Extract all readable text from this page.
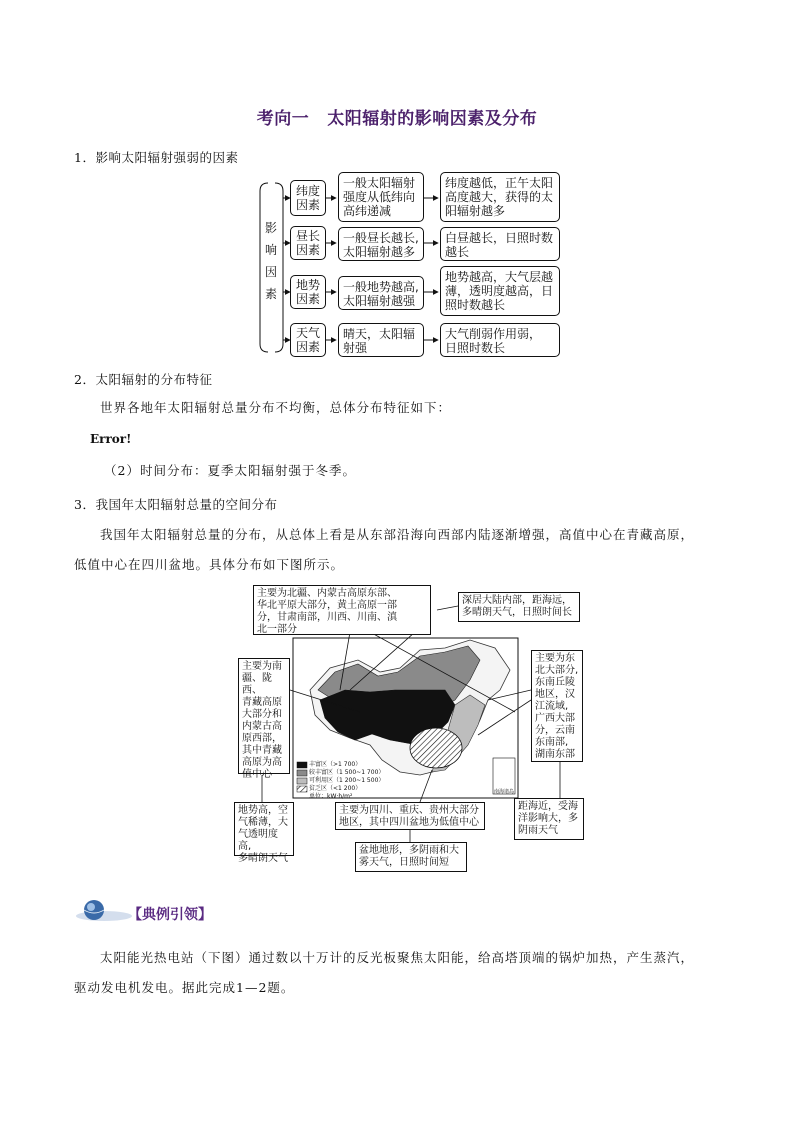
考向一 太阳辐射的影响因素及分布
1．影响太阳辐射强弱的因素
影
响
因
素
纬度
因素
一般太阳辐射
强度从低纬向
高纬递减
纬度越低，正午太阳
高度越大，获得的太
阳辐射越多
昼长
因素
一般昼长越长,
太阳辐射越多
白昼越长，日照时数
越长
地势
因素
一般地势越高,
太阳辐射越强
地势越高，大气层越
薄，透明度越高，日
照时数越长
天气
因素
晴天，太阳辐
射强
大气削弱作用弱，
日照时数长
2．太阳辐射的分布特征
世界各地年太阳辐射总量分布不均衡，总体分布特征如下：
Error!
（2）时间分布：夏季太阳辐射强于冬季。
3．我国年太阳辐射总量的空间分布
我国年太阳辐射总量的分布，从总体上看是从东部沿海向西部内陆逐渐增强，高值中心在青藏高原，
低值中心在四川盆地。具体分布如下图所示。
主要为北疆、内蒙古高原东部、
华北平原大部分，黄土高原一部
分，甘肃南部，川西、川南、滇
北一部分
深居大陆内部，距海远，
多晴朗天气，日照时间长
主要为南
疆、陇西、
青藏高原
大部分和
内蒙古高
原西部，
其中青藏
高原为高
值中心
地势高，空
气稀薄，大
气透明度高,
多晴朗天气
主要为东
北大部分,
东南丘陵
地区，汉
江流域,
广西大部
分，云南
东南部,
湖南东部
距海近，受海
洋影响大，多
阴雨天气
主要为四川、重庆、贵州大部分
地区，其中四川盆地为低值中心
盆地地形，多阴雨和大
雾天气，日照时间短
丰富区（>1 700）
较丰富区（1 500~1 700）
可利用区（1 200~1 500）
贫乏区（<1 200）
单位：kW·h/m²
南海诸岛
【典例引领】
太阳能光热电站（下图）通过数以十万计的反光板聚焦太阳能，给高塔顶端的锅炉加热，产生蒸汽，
驱动发电机发电。据此完成1—2题。
